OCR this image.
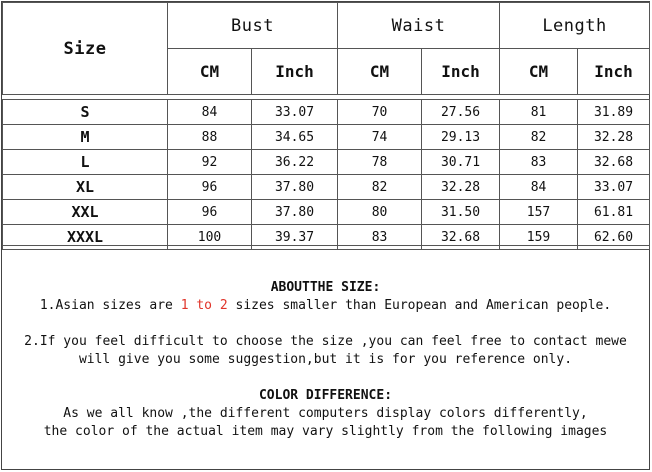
Size	Bust		Waist		Length	
	CM	Inch	CM	Inch	CM	Inch

S	84	33.07	70	27.56	81	31.89
M	88	34.65	74	29.13	82	32.28
L	92	36.22	78	30.71	83	32.68
XL	96	37.80	82	32.28	84	33.07
XXL	96	37.80	80	31.50	157	61.81
XXXL	100	39.37	83	32.68	159	62.60
ABOUTTHE SIZE:
1.Asian sizes are 1 to 2 sizes smaller than European and American people.
2.If you feel difficult to choose the size ,you can feel free to contact mewe
will give you some suggestion,but it is for you reference only.
COLOR DIFFERENCE:
As we all know ,the different computers display colors differently,
the color of the actual item may vary slightly from the following images
